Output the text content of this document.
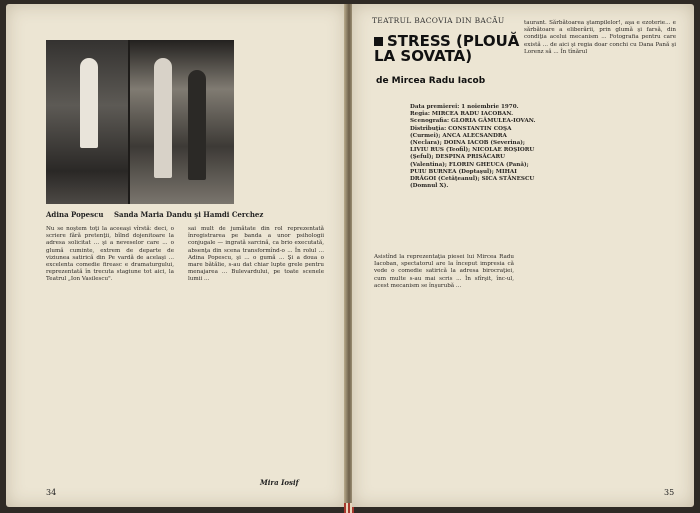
Adina Popescu Sanda Maria Dandu şi Hamdi Cerchez
Nu se noştem toţi la aceeaşi vîrstă: deci, o scriere fără pretenţii, bîlnd dojenitoare la adresa solicitat ... şi a neveselor care ... o glumă cuminte, extrem de departe de viziunea satirică din Pe vardă de acelaşi ... excelenta comedie fireasc e dramaturgului, reprezentată în trecuta stagiune tot aici, la Teatrul „Ion Vasilescu".
sai mult de jumătate din rol reprezentată înregistrarea pe banda a unor psihologii conjugale — ingrată sarcină, ca brio executată, absenţa din scena transformînd-o ... În rolul ... Adina Popescu, şi ... o gumă ... Şi a doua o mare bătălie, s-au dat chiar lupte grele pentru menajarea ... Bulevardului, pe toate scenele lumii ...
Mira Iosif
34
TEATRUL BACOVIA DIN BACĂU
STRESS (PLOUĂ LA SOVATA)
de Mircea Radu Iacob
Data premierei: 1 noiembrie 1970. Regia: MIRCEA RADU IACOBAN. Scenografia: GLORIA GĂMULEA-IOVAN. Distribuţia: CONSTANTIN COŞA (Curmei); ANCA ALECSANDRA (Neclara); DOINA IACOB (Severina); LIVIU RUS (Teofil); NICOLAE ROŞIORU (Şeful); DESPINA PRISĂCARU (Valentina); FLORIN GHEUCA (Pană); PUIU BURNEA (Doptaşul); MIHAI DRĂGOI (Cetăţeanul); SICA STĂNESCU (Domnul X).
Asistînd la reprezentaţia piesei lui Mircea Radu Iacoban, spectatorul are la început impresia că vede o comedie satirică la adresa birocraţiei, cum multe s-au mai scris ... În sfîrşit, înc-ul, acest mecanism se înşurubă ...
taurant. Sărbătoarea ştampilelor!, aşa e ezoterie... e sărbătoare a eliberării, prin glumă şi farsă, din condiţia acelui mecanism ... Fotografia pentru care există ... de aici şi regia doar conchi cu Dana Pană şi Lorenz să ... În tînărul
35
